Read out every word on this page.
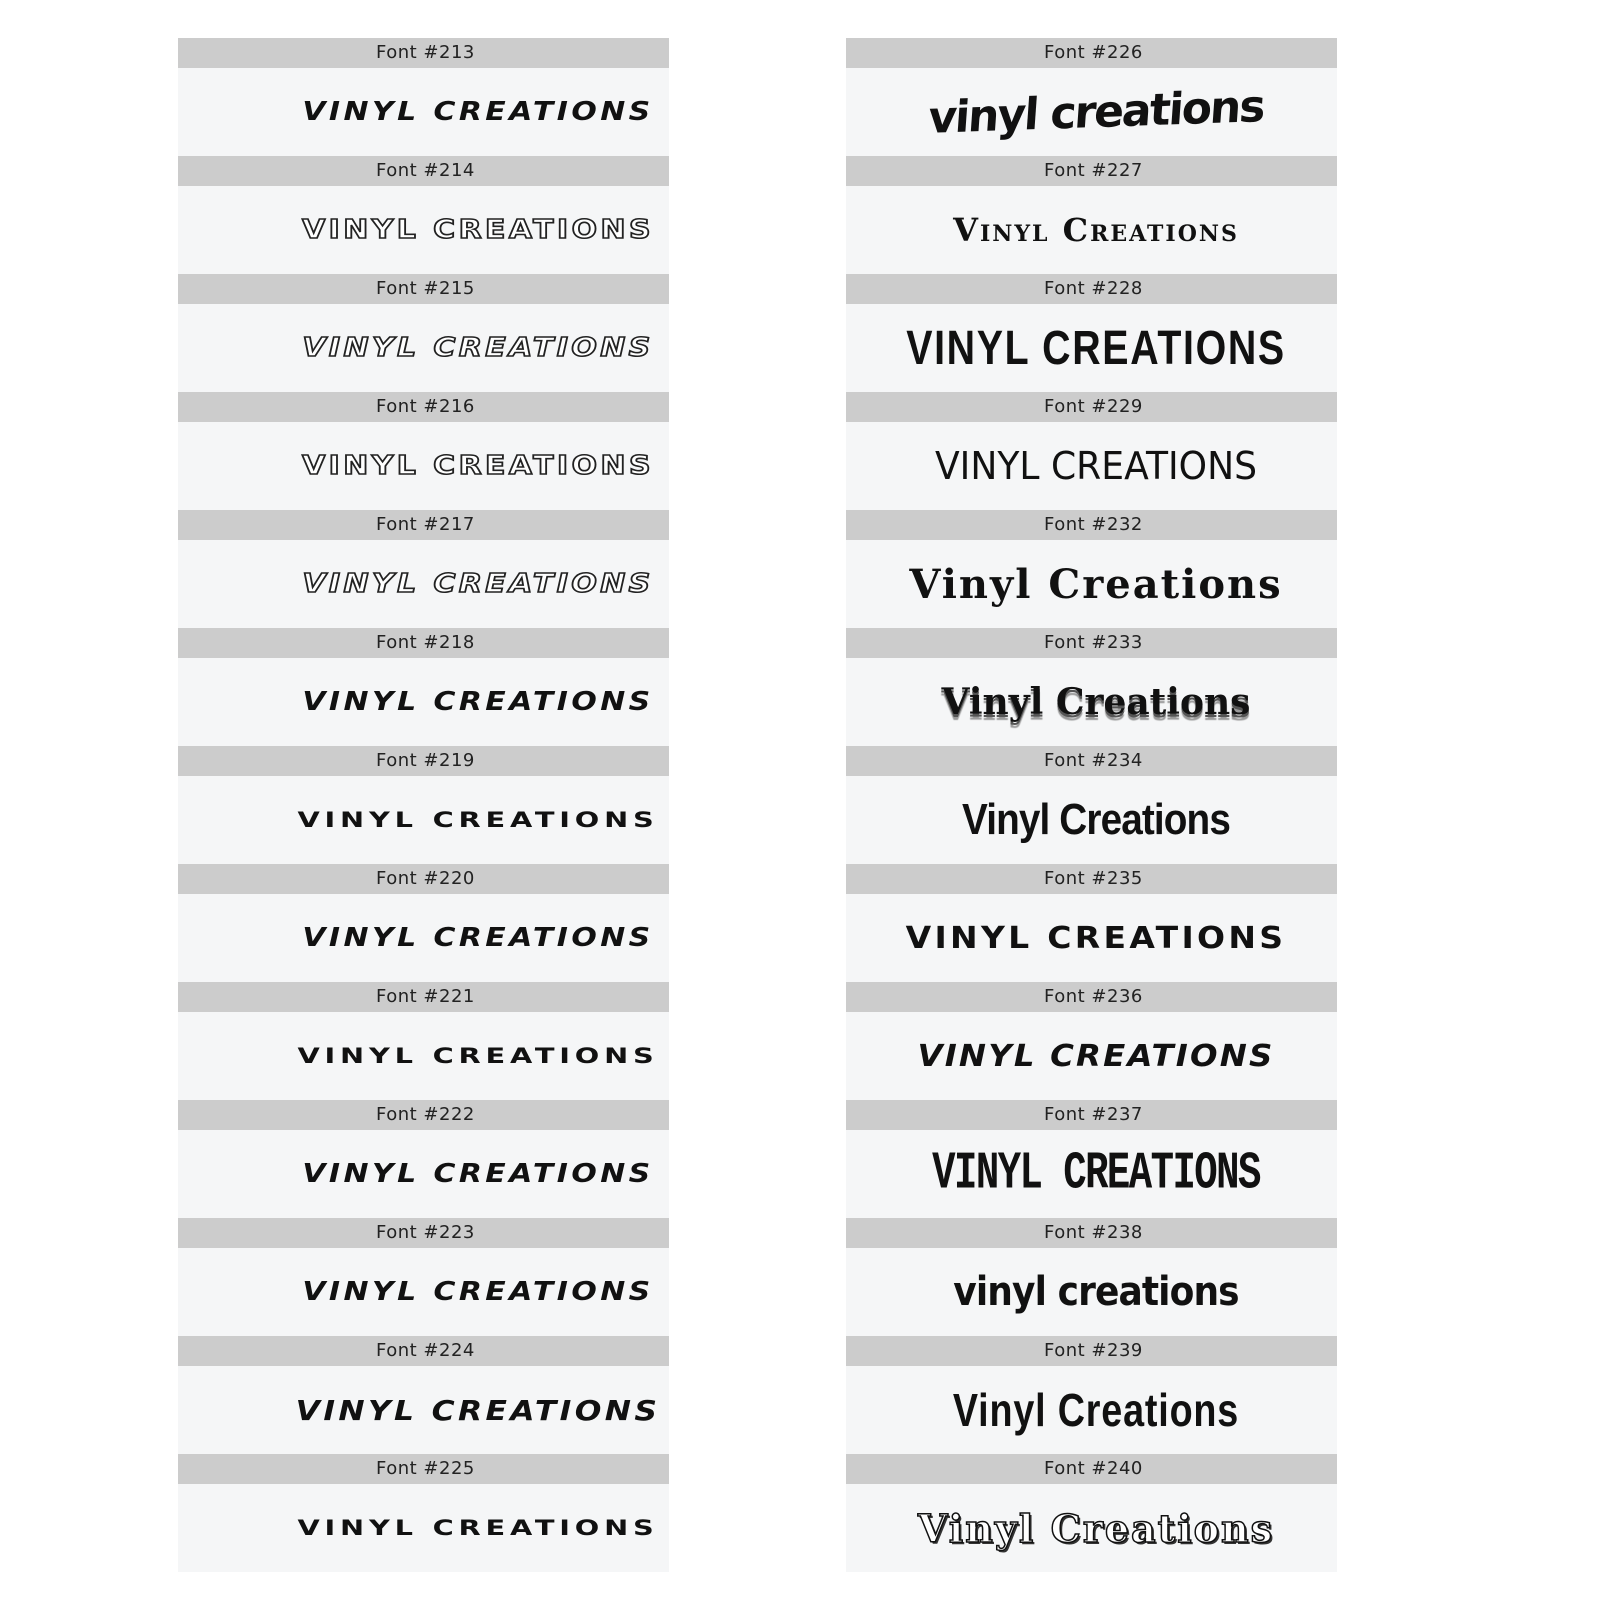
Font #213
VINYL CREATIONS
Font #214
VINYL CREATIONS
Font #215
VINYL CREATIONS
Font #216
VINYL CREATIONS
Font #217
VINYL CREATIONS
Font #218
VINYL CREATIONS
Font #219
VINYL CREATIONS
Font #220
VINYL CREATIONS
Font #221
VINYL CREATIONS
Font #222
VINYL CREATIONS
Font #223
VINYL CREATIONS
Font #224
VINYL CREATIONS
Font #225
VINYL CREATIONS
Font #226
vinyl creations
Font #227
Vinyl Creations
Font #228
VINYL CREATIONS
Font #229
VINYL CREATIONS
Font #232
Vinyl Creations
Font #233
Vinyl Creations
Font #234
Vinyl Creations
Font #235
VINYL CREATIONS
Font #236
VINYL CREATIONS
Font #237
VINYL CREATIONS
Font #238
vinyl creations
Font #239
Vinyl Creations
Font #240
Vinyl Creations
